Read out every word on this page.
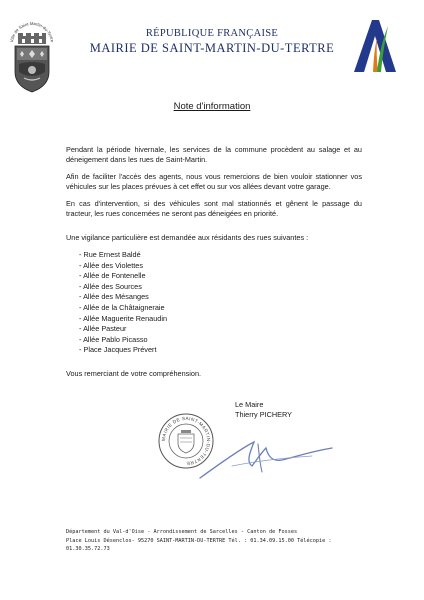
Ville de Saint-Martin-du-Tertre
RÉPUBLIQUE FRANÇAISE
MAIRIE DE SAINT-MARTIN-DU-TERTRE
Note d'information
Pendant la période hivernale, les services de la commune procèdent au salage et au déneigement dans les rues de Saint-Martin.
Afin de faciliter l'accès des agents, nous vous remercions de bien vouloir stationner vos véhicules sur les places prévues à cet effet ou sur vos allées devant votre garage.
En cas d'intervention, si des véhicules sont mal stationnés et gênent le passage du tracteur, les rues concernées ne seront pas déneigées en priorité.
Une vigilance particulière est demandée aux résidants des rues suivantes :
- Rue Ernest Baldé
- Allée des Violettes
- Allée de Fontenelle
- Allée des Sources
- Allée des Mésanges
- Allée de la Châtaigneraie
- Allée Maguerite Renaudin
- Allée Pasteur
- Allée Pablo Picasso
- Place Jacques Prévert
Vous remerciant de votre compréhension.
MAIRIE DE SAINT-MARTIN-DU-TERTRE
Le Maire
Thierry PICHERY
Département du Val-d'Oise - Arrondissement de Sarcelles - Canton de Fosses
Place Louis Désenclos- 95270 SAINT-MARTIN-DU-TERTRE Tél. : 01.34.09.15.00 Télécopie :
01.30.35.72.73
